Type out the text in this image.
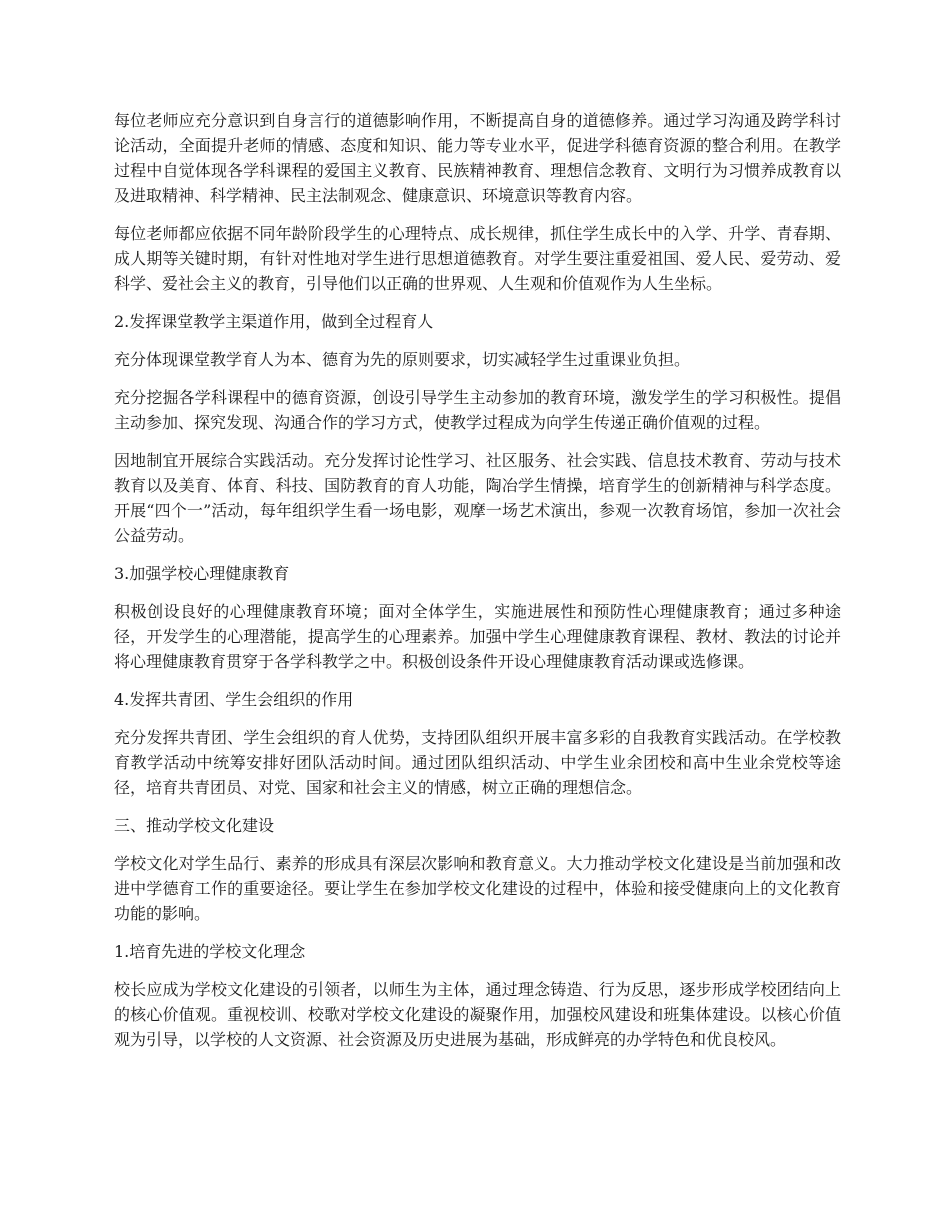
每位老师应充分意识到自身言行的道德影响作用，不断提高自身的道德修养。通过学习沟通及跨学科讨论活动，全面提升老师的情感、态度和知识、能力等专业水平，促进学科德育资源的整合利用。在教学过程中自觉体现各学科课程的爱国主义教育、民族精神教育、理想信念教育、文明行为习惯养成教育以及进取精神、科学精神、民主法制观念、健康意识、环境意识等教育内容。

每位老师都应依据不同年龄阶段学生的心理特点、成长规律，抓住学生成长中的入学、升学、青春期、成人期等关键时期，有针对性地对学生进行思想道德教育。对学生要注重爱祖国、爱人民、爱劳动、爱科学、爱社会主义的教育，引导他们以正确的世界观、人生观和价值观作为人生坐标。

2.发挥课堂教学主渠道作用，做到全过程育人

充分体现课堂教学育人为本、德育为先的原则要求，切实减轻学生过重课业负担。

充分挖掘各学科课程中的德育资源，创设引导学生主动参加的教育环境，激发学生的学习积极性。提倡主动参加、探究发现、沟通合作的学习方式，使教学过程成为向学生传递正确价值观的过程。

因地制宜开展综合实践活动。充分发挥讨论性学习、社区服务、社会实践、信息技术教育、劳动与技术教育以及美育、体育、科技、国防教育的育人功能，陶冶学生情操，培育学生的创新精神与科学态度。开展“四个一”活动，每年组织学生看一场电影，观摩一场艺术演出，参观一次教育场馆，参加一次社会公益劳动。

3.加强学校心理健康教育

积极创设良好的心理健康教育环境；面对全体学生，实施进展性和预防性心理健康教育；通过多种途径，开发学生的心理潜能，提高学生的心理素养。加强中学生心理健康教育课程、教材、教法的讨论并将心理健康教育贯穿于各学科教学之中。积极创设条件开设心理健康教育活动课或选修课。

4.发挥共青团、学生会组织的作用

充分发挥共青团、学生会组织的育人优势，支持团队组织开展丰富多彩的自我教育实践活动。在学校教育教学活动中统筹安排好团队活动时间。通过团队组织活动、中学生业余团校和高中生业余党校等途径，培育共青团员、对党、国家和社会主义的情感，树立正确的理想信念。

三、推动学校文化建设

学校文化对学生品行、素养的形成具有深层次影响和教育意义。大力推动学校文化建设是当前加强和改进中学德育工作的重要途径。要让学生在参加学校文化建设的过程中，体验和接受健康向上的文化教育功能的影响。

1.培育先进的学校文化理念

校长应成为学校文化建设的引领者，以师生为主体，通过理念铸造、行为反思，逐步形成学校团结向上的核心价值观。重视校训、校歌对学校文化建设的凝聚作用，加强校风建设和班集体建设。以核心价值观为引导，以学校的人文资源、社会资源及历史进展为基础，形成鲜亮的办学特色和优良校风。
